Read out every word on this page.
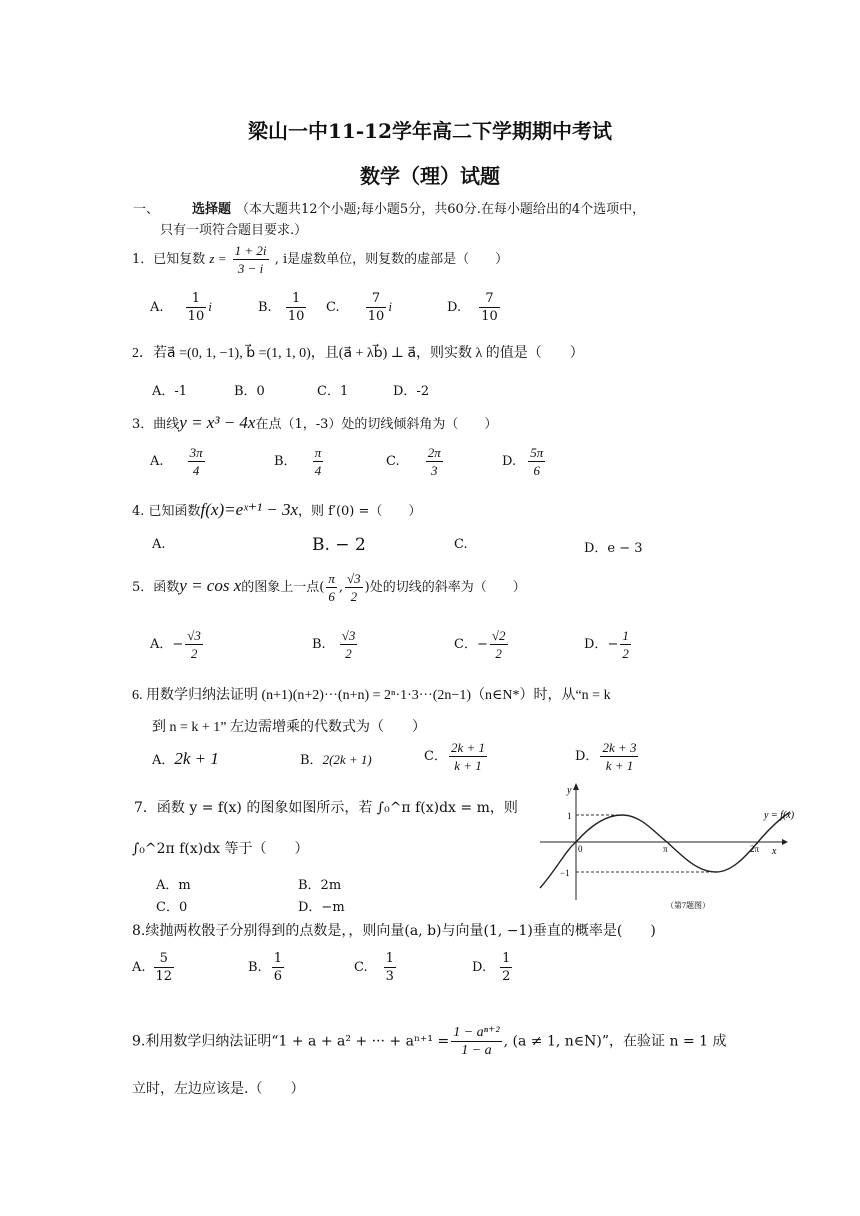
梁山一中11-12学年高二下学期期中考试
数学（理）试题
一、	选择题 （本大题共12个小题;每小题5分，共60分.在每小题给出的4个选项中，
只有一项符合题目要求.）
1．已知复数 $z = \frac{1 + 2i}{3 - i}$ , i是虚数单位，则复数的虚部是（　　）
A. $\frac{1}{10}$ i	B. $\frac{1}{10} C$. $\frac{7}{10}$ i	D. $\frac{7}{10}$
2．若a⃗ =(0, 1, −1), b⃗ =(1, 1, 0)，且(a⃗ + λb⃗) ⊥ a⃗，则实数 λ 的值是（　　）
A．-1	B．0	C．1	D．-2
3．曲线y = x³ − 4x在点（1，-3）处的切线倾斜角为（　　）
A. $\frac{3\pi}{4}$	B． $\frac{\pi}{4}$	C. $\frac{2\pi}{3}$	D. $\frac{5\pi}{6}$
4. 已知函数f(x)=eˣ⁺¹ − 3x，则 f′(0) =（　　）
A.	B. − 2	C.	D．e − 3
5．函数y = cos x的图象上一点( $\frac{\pi}{6}$ , $\frac{√3}{2}$ )处的切线的斜率为（　　）
A．− $\frac{√3}{2}$	B. $\frac{√3}{2}$	C．− $\frac{√2}{2}$	D．− $\frac{1}{2}$
6. 用数学归纳法证明 (n+1)(n+2)···(n+n) = 2ⁿ·1·3···(2n−1)（n∈N*）时，从“n = k
到 n = k + 1” 左边需增乘的代数式为（　　）
A．2k + 1	B．2(2k + 1)	C． $\frac{2k + 1}{k + 1}$	D． $\frac{2k + 3}{k + 1}$
7．函数 y = f(x) 的图象如图所示，若 ∫₀^π f(x)dx = m，则
∫₀^2π f(x)dx 等于（　　）
A．m	B．2m
C．0	D．−m
y
x
0	π	2π
1
−1
y = f(x)
（第7题图）
8.续抛两枚骰子分别得到的点数是，，则向量(a, b)与向量(1, −1)垂直的概率是(　　)
A. $\frac{5}{12}$	B. $\frac{1}{6}$	C. $\frac{1}{3}$	D. $\frac{1}{2}$
9.利用数学归纳法证明“1 + a + a² + ··· + $a^{n+1} = \frac{\text{1 − aⁿ⁺²}}{1 - a}$ , (a ≠ 1, n∈N)”，在验证 n = 1 成
立时，左边应该是.（　　）
